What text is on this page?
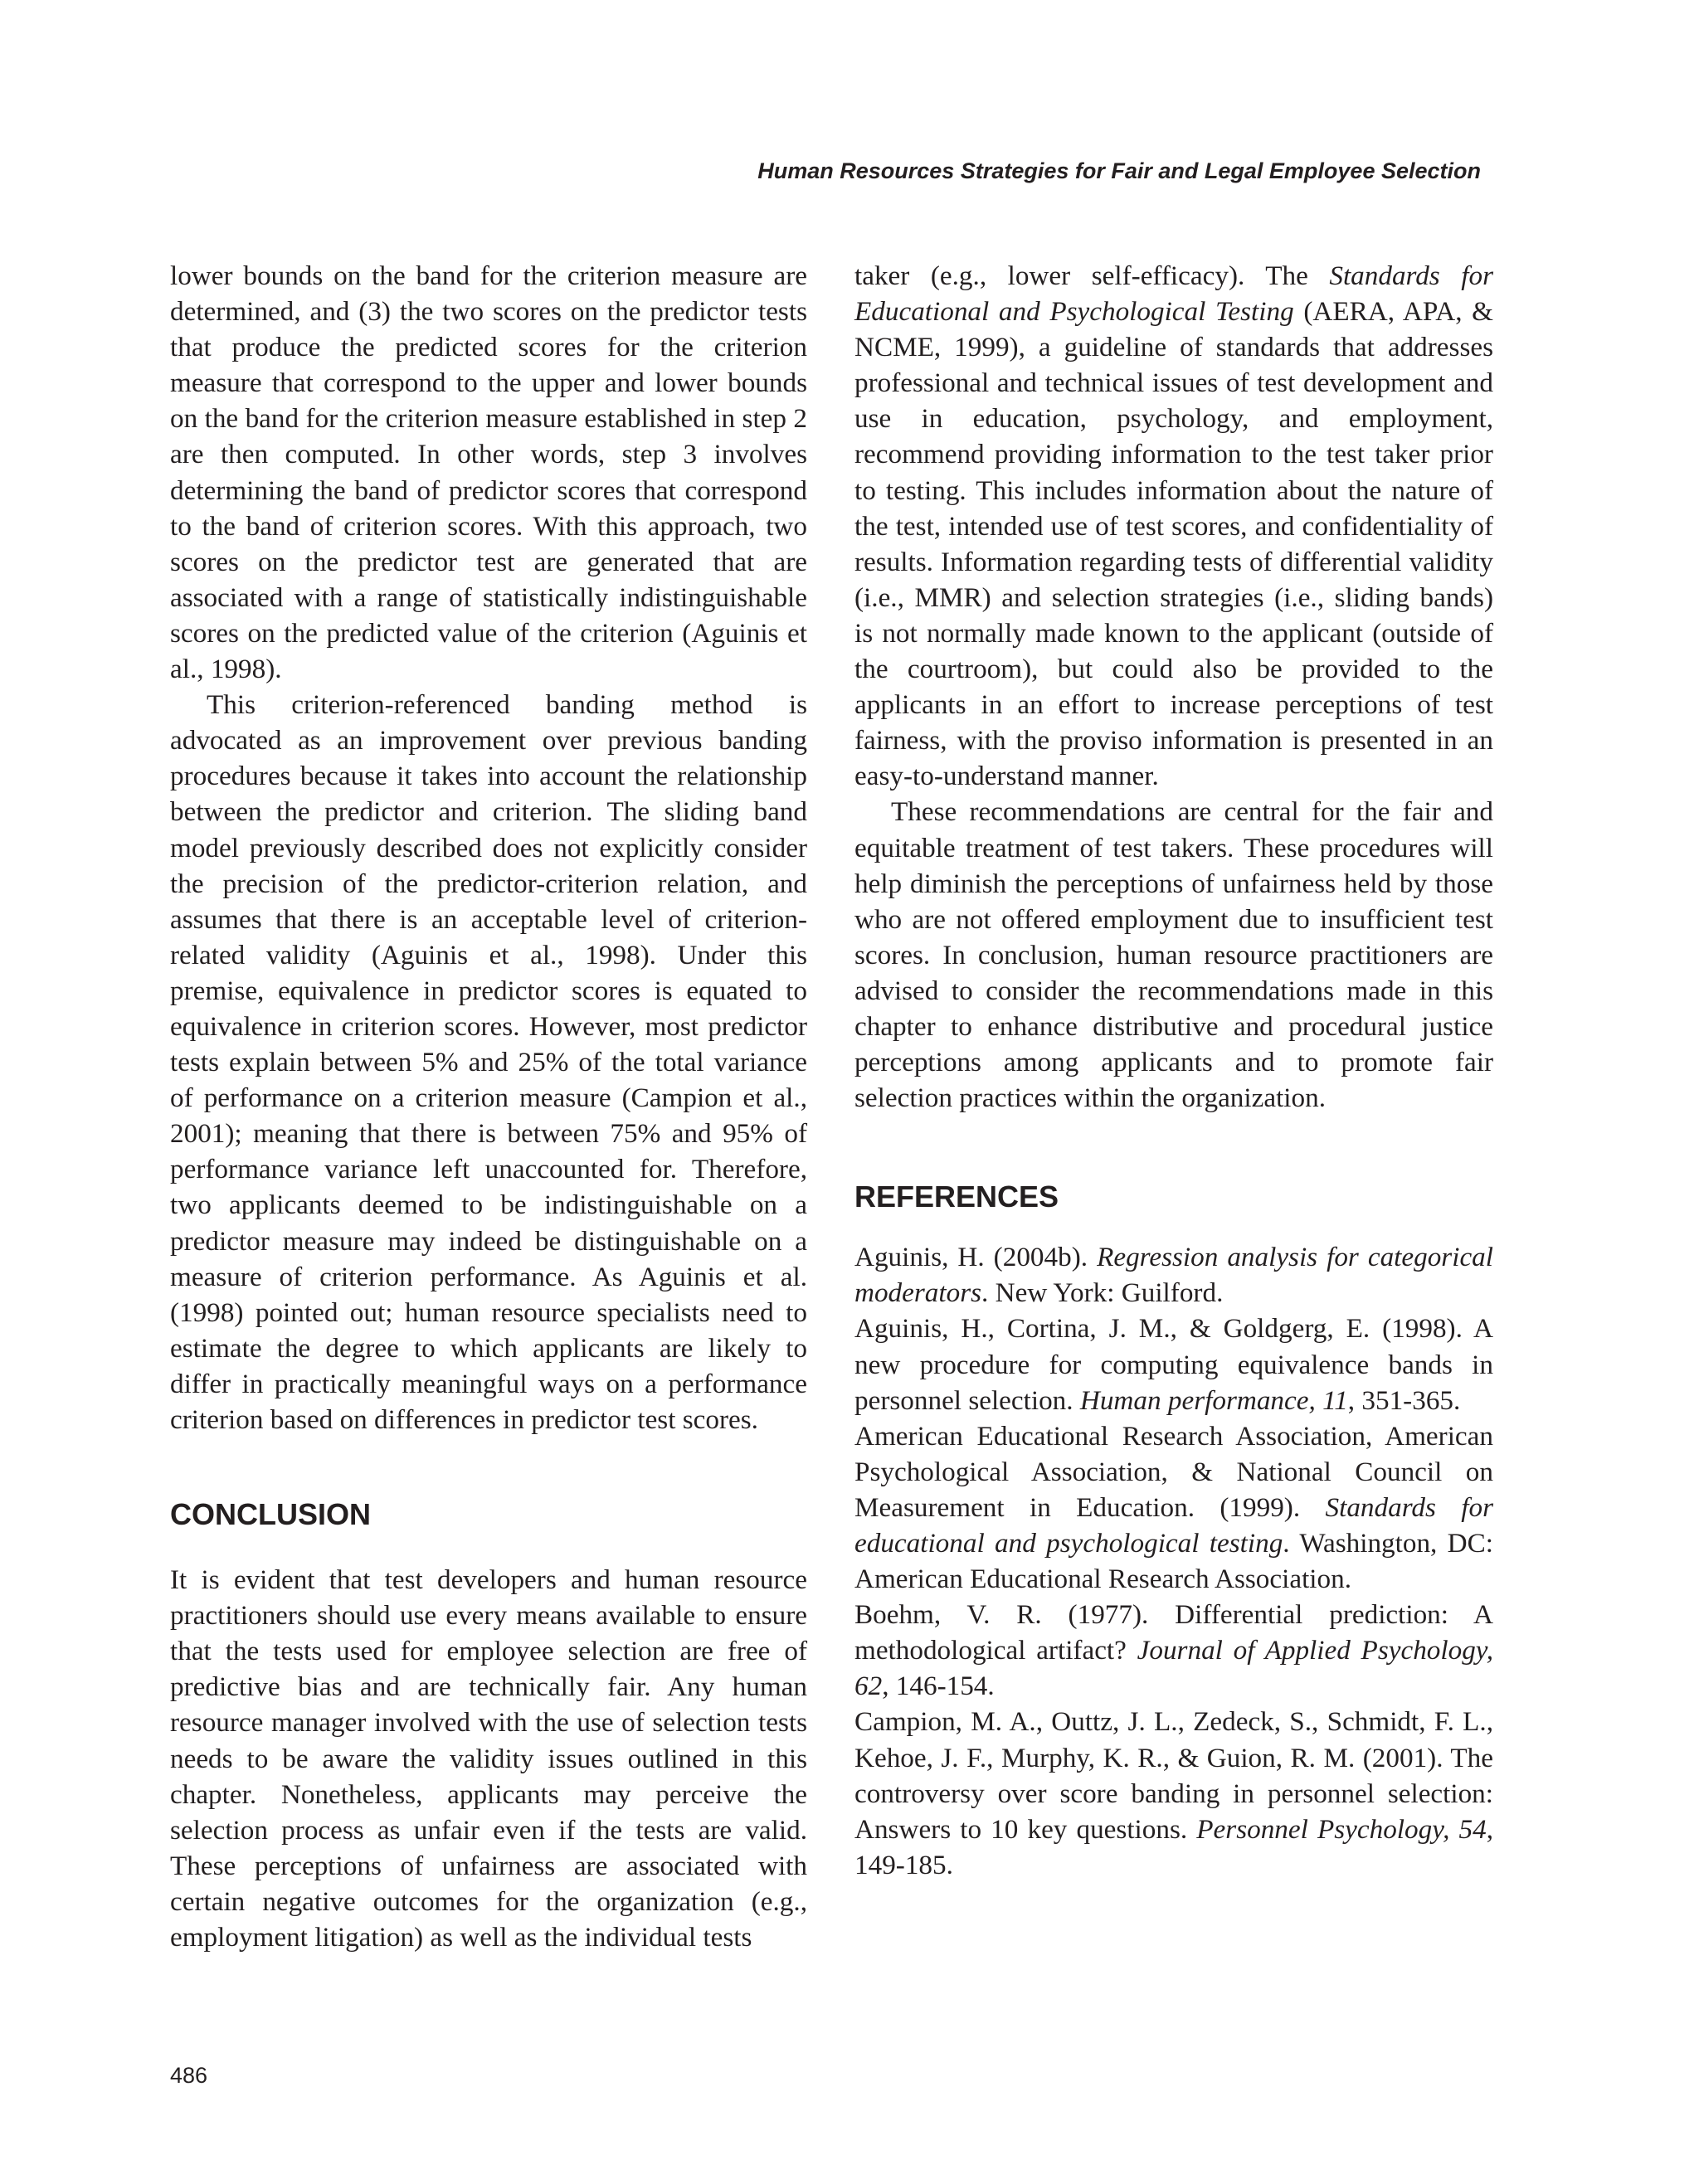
Human Resources Strategies for Fair and Legal Employee Selection

lower bounds on the band for the criterion measure are determined, and (3) the two scores on the predictor tests that produce the predicted scores for the criterion measure that correspond to the upper and lower bounds on the band for the criterion measure established in step 2 are then computed. In other words, step 3 involves determining the band of predictor scores that correspond to the band of criterion scores. With this approach, two scores on the predictor test are generated that are associated with a range of statistically indistinguishable scores on the predicted value of the criterion (Aguinis et al., 1998).

This criterion-referenced banding method is advocated as an improvement over previous banding procedures because it takes into account the relationship between the predictor and criterion. The sliding band model previously described does not explicitly consider the precision of the predictor-criterion relation, and assumes that there is an acceptable level of criterion-related validity (Aguinis et al., 1998). Under this premise, equivalence in predictor scores is equated to equivalence in criterion scores. However, most predictor tests explain between 5% and 25% of the total variance of performance on a criterion measure (Campion et al., 2001); meaning that there is between 75% and 95% of performance variance left unaccounted for. Therefore, two applicants deemed to be indistinguishable on a predictor measure may indeed be distinguishable on a measure of criterion performance. As Aguinis et al. (1998) pointed out; human resource specialists need to estimate the degree to which applicants are likely to differ in practically meaningful ways on a performance criterion based on differences in predictor test scores.

CONCLUSION

It is evident that test developers and human resource practitioners should use every means available to ensure that the tests used for employee selection are free of predictive bias and are technically fair. Any human resource manager involved with the use of selection tests needs to be aware the validity issues outlined in this chapter. Nonetheless, applicants may perceive the selection process as unfair even if the tests are valid. These perceptions of unfairness are associated with certain negative outcomes for the organization (e.g., employment litigation) as well as the individual tests

taker (e.g., lower self-efficacy). The Standards for Educational and Psychological Testing (AERA, APA, & NCME, 1999), a guideline of standards that addresses professional and technical issues of test development and use in education, psychology, and employment, recommend providing information to the test taker prior to testing. This includes information about the nature of the test, intended use of test scores, and confidentiality of results. Information regarding tests of differential validity (i.e., MMR) and selection strategies (i.e., sliding bands) is not normally made known to the applicant (outside of the courtroom), but could also be provided to the applicants in an effort to increase perceptions of test fairness, with the proviso information is presented in an easy-to-understand manner.

These recommendations are central for the fair and equitable treatment of test takers. These procedures will help diminish the perceptions of unfairness held by those who are not offered employment due to insufficient test scores. In conclusion, human resource practitioners are advised to consider the recommendations made in this chapter to enhance distributive and procedural justice perceptions among applicants and to promote fair selection practices within the organization.

REFERENCES

Aguinis, H. (2004b). Regression analysis for categorical moderators. New York: Guilford.

Aguinis, H., Cortina, J. M., & Goldgerg, E. (1998). A new procedure for computing equivalence bands in personnel selection. Human performance, 11, 351-365.

American Educational Research Association, American Psychological Association, & National Council on Measurement in Education. (1999). Standards for educational and psychological testing. Washington, DC: American Educational Research Association.

Boehm, V. R. (1977). Differential prediction: A methodological artifact? Journal of Applied Psychology, 62, 146-154.

Campion, M. A., Outtz, J. L., Zedeck, S., Schmidt, F. L., Kehoe, J. F., Murphy, K. R., & Guion, R. M. (2001). The controversy over score banding in personnel selection: Answers to 10 key questions. Personnel Psychology, 54, 149-185.

486
